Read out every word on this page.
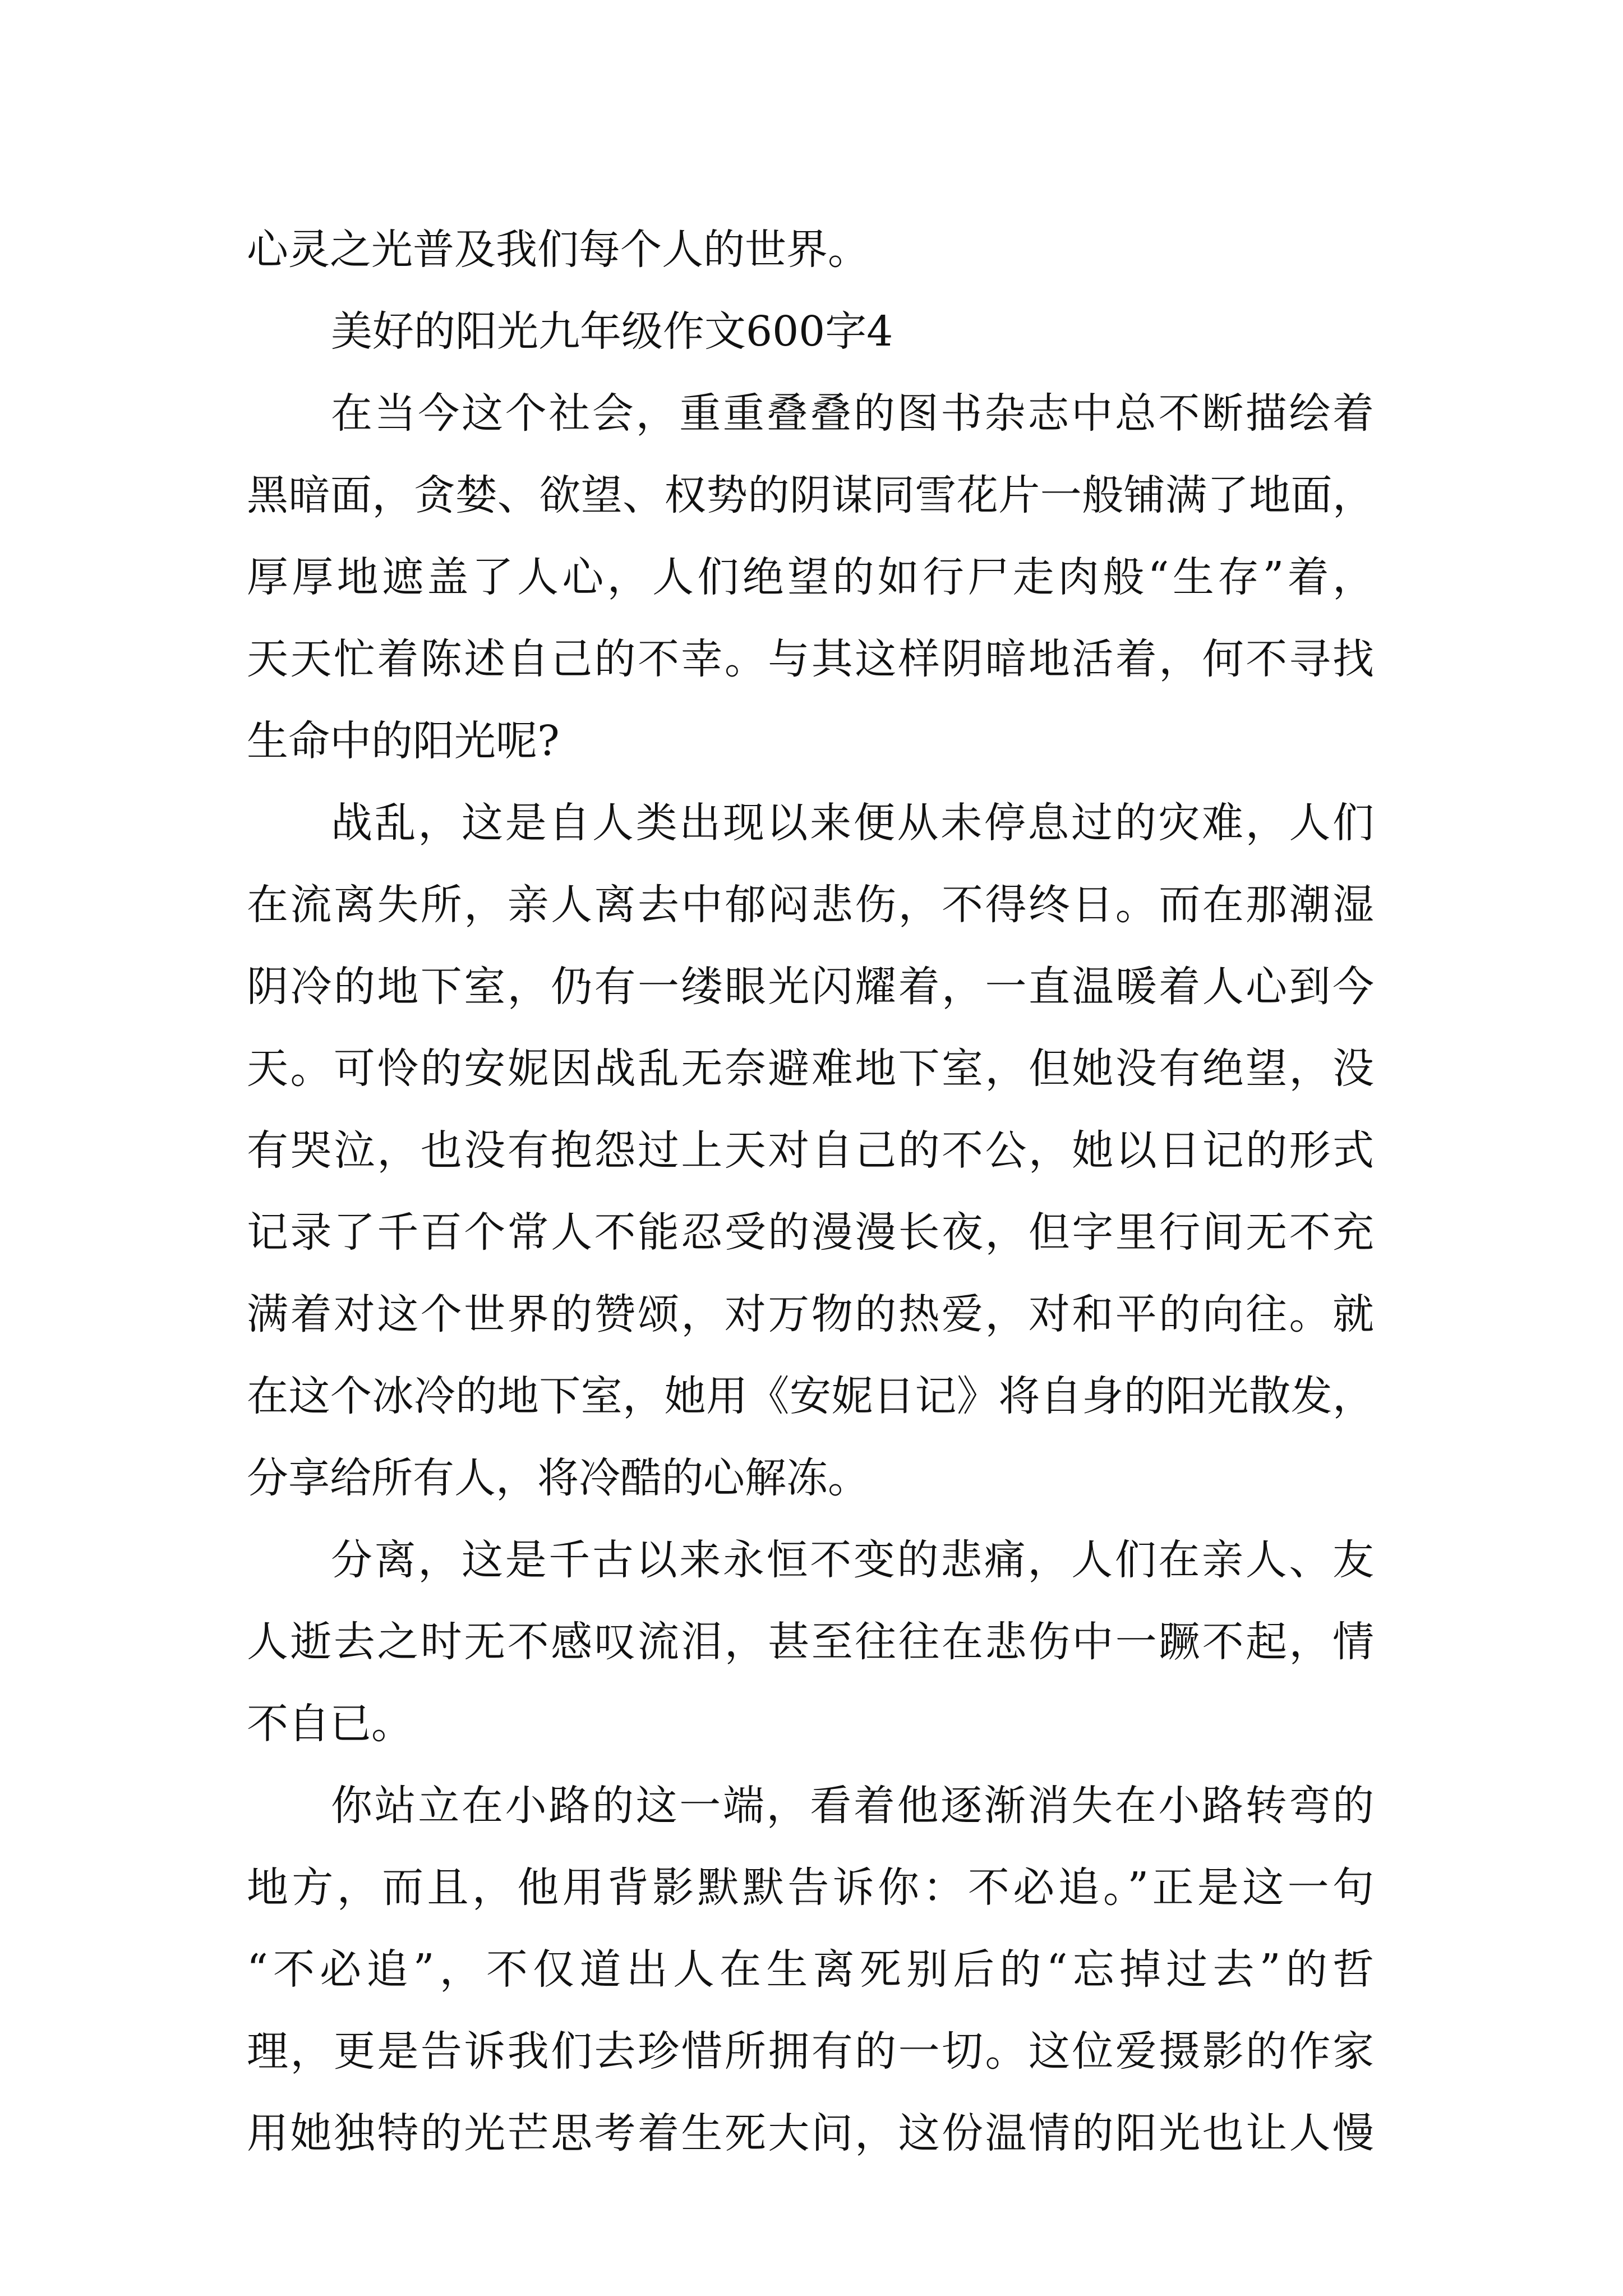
心灵之光普及我们每个人的世界。
美好的阳光九年级作文600字4
在当今这个社会，重重叠叠的图书杂志中总不断描绘着
黑暗面，贪婪、欲望、权势的阴谋同雪花片一般铺满了地面，
厚厚地遮盖了人心，人们绝望的如行尸走肉般“生存”着，
天天忙着陈述自己的不幸。与其这样阴暗地活着，何不寻找
生命中的阳光呢?
战乱，这是自人类出现以来便从未停息过的灾难，人们
在流离失所，亲人离去中郁闷悲伤，不得终日。而在那潮湿
阴冷的地下室，仍有一缕眼光闪耀着，一直温暖着人心到今
天。可怜的安妮因战乱无奈避难地下室，但她没有绝望，没
有哭泣，也没有抱怨过上天对自己的不公，她以日记的形式
记录了千百个常人不能忍受的漫漫长夜，但字里行间无不充
满着对这个世界的赞颂，对万物的热爱，对和平的向往。就
在这个冰冷的地下室，她用《安妮日记》将自身的阳光散发，
分享给所有人，将冷酷的心解冻。
分离，这是千古以来永恒不变的悲痛，人们在亲人、友
人逝去之时无不感叹流泪，甚至往往在悲伤中一蹶不起，情
不自已。
你站立在小路的这一端，看着他逐渐消失在小路转弯的
地方，而且，他用背影默默告诉你：不必追。”正是这一句
“不必追”，不仅道出人在生离死别后的“忘掉过去”的哲
理，更是告诉我们去珍惜所拥有的一切。这位爱摄影的作家
用她独特的光芒思考着生死大问，这份温情的阳光也让人慢
